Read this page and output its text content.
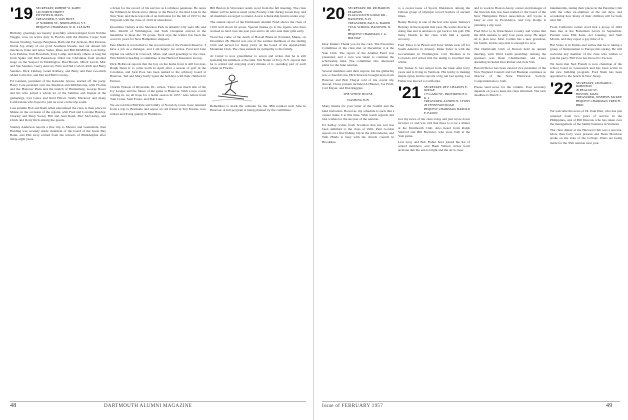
'19 SECRETARY, ROBERT W. KAHN
140 NORTH STREET
PITTSFIELD, MASS.
TREASURER, F. WAY HOYT
47 SUMMER ST., SPRINGFIELD, VT.
BEQUEST CHAIRMAN, W. R. CLEAVES

Birthday greetings are hereby gratefully acknowledged from Nobbie Wiggin, now on active duty in Florida with the Marine Corps; both Nossie Nosting, George Berghaus, Ham and Pat Jackson, Hal Parsons, Nobie Joy, many of our good Southern friends, and our annual fall luncheon, Knut and Alice Sutter, Rhea and Bill McMillan, Lou Kirby, Lew Perkins, Tom Bowditch, Tony Lamp, and many others. A long list from Spike and Deb Peekadoop filled our Christmas from another stage on the Seaport in Washington. Bud Brown, Mitch Lewis, Mac and Sue Sanders, Gerry Anscott, Fritz and Del Corlett, Rich and Betty Sanders, Dick Lindsay, Grant Rothery, and Betty and Pete Goodrich added to the list, and Del and Bill Crowley.

Ed Gannett, president of the Kenosha Jaycee, started off the party. Harry Cole presided over the Madison and Middletown, with Florida and the Hanover Plain and the launch of Hattiesburg. George Rowe and his wife joined a whole lot of the families and friends at the gatherings, Lyn Gates and Reid Elliott, Wally Macleod, and many Californians who hoped to join us soon on the trip south.

Last autumn Bob and Ruth Allen entertained the class at their place in Maine on the occasion of the regatta, with Fred and Lorraine Hawley, Charley and Mary Sweet, Bill and Jean Rand, Mac McCauley, and Chick and Dotty Rich among the guests.

Stanley Anderson reports a fine trip to Mexico and Guatemala, Ken Harding was recently made chairman of the board of the Great Bay Bank, and Phil Gray retired from the schools of Philadelphia after thirty-eight years.

a ticket for the record of his service as Lochmore pensions. He notes the Edmund de Klerk and a dinner at the Hotel to the Red Lion in the New Year, and there was talk of an invitation for the fall of 1957 to the Wigwam with the class of 1919 in attendance.

December visitors at the Sheraton Park in Atlantic City were Mr. and Mrs. Merrill of Wilmington, and Tuck Chapman arrived in the meantime to meet the '19 group. Tuck says the winter has been the worst in years for New Hampshire shippers.

Pete Martin is reconciled to the second term of the Federal Reserve. 'I have a job as a manager, and I am happy,' he writes. Fred and Jane Ogden are settled in Concord, Mass. and send greetings to the class. Win Smith is heading a committee of the Hartford Insurance Group.

Dick Holbrook reports that the bay on the home front is still hot-iron. Ralph Dean is to come north in April after a season of golf in the Carolinas, and Jack Poor has been named to the advisory board at Hanover. Ted and Mary Kelly spent the holidays with their children in Denver.

Charlie Watson of Riverside, Ill., writes, 'There was much talk of the Ivy League and the future of the game at Hanover. With a new coach coming in, we all hope for a better season in 1957.' Also letters from Tom Crane, Sam Foster, and Bob Lane.

We are told that Bill Yale and family of Norwich, Conn. have returned from a trip to Bermuda and report an old friend in Ted Fenton, now retired and living quietly in Hamilton.

Bill Burton in Worcester sends word from the fall meeting. The class dinner will be held as usual at the Faculty Club during Green Key, and all members are urged to attend. A new scholarship fund is under way.

The annual report of the Dartmouth Alumni Fund shows the class of 1919 well above its quota. Special thanks go to the agents who have worked so hard over the past year and to all who sent their gifts early.

Word has come of the death of Harold Blake in Portland, Maine, on December 28. Harold was one of the earliest members of the Outing Club and served for many years on the board of the Appalachian Mountain Club. The class extends its sympathy to his family.

Al Cutter is now grandfather to seven and writes that he is still spending his summers at the lake. Jim Nolan of Troy, N.Y. reports that he is retired and enjoying every minute of it, spending part of each winter in Florida.

Remember to mark the calendar for the 38th reunion next June in Hanover. A full program is being planned by the committee.

48	DARTMOUTH ALUMNI MAGAZINE
'20 SECRETARY, DR. RICHARD H. PEARSON
PLAZA SOUTH LODGE RD., HANOVER, N. H.
TREASURER, PAUL G. BAKER
TUCK SCHOOL, HANOVER, N. H.
BEQUEST CHAIRMAN, J. A. HOLWAY

Dear Kinnie: Thank you for the card. The Executive Committee of the class met on December 4 at the Yale Club. The report of the Alumni Fund was presented, and a vote was taken to continue the scholarship fund. The committee also discussed plans for the June reunion.

Several members sent their regrets, but the gathering was a cheerful one. Dick Pearson brought news from Hanover and Bob Thayer told of his recent trip abroad. Those present included Al Barnes, Joe Fitch, Carl Meyer, and Dan Ruggles.

THE WHITE HOUSE

WASHINGTON

Many thanks for your letter of the twelfth and the kind invitation. However, my schedule is such that I cannot make it at this time. With warm regards and best wishes for the success of the reunion.

Ed Kelley writes from Scranton that his son has been admitted to the class of 1961. Paul Gordon reports on a fine fishing trip in the Adirondacks, and Walt Hinds is busy with the church council in Brookline.

to a recent issue of Sports Illustrated, among the famous group of Olympic record holders of ancient times.

Benny Harvey is one of the few who spent Tenney's Holiday in the hospital this year. He writes that he is doing fine and is anxious to get back to his golf. His many friends in the class wish him a speedy recovery.

Fred Tabor is in Brazil and Tony Walsh took off for South America in January. Duke Tabor is with the Government in Washington. Carl Thoman is in Colorado and writes that the skiing is excellent this winter.

Jim Tucker Jr. has retired from the bank after forty years and is living in Vermont. His hobby is making maple syrup and he reports a big run last spring. Les Fisher has moved to California.

'21 SECRETARY, REV. CHARLES E. DODGE
175 GANO ST., PROVIDENCE 6, R. I.
TREASURER, ALFRED N. LYONS
28 TENNYSON ROAD
BEQUEST CHAIRMAN, HAROLD E. EATON

Got my news of the class today and just wrote down October 11 and was told that there is to be a dinner at the Dartmouth Club. Also heard from Ralph Sanford and Bill Brewster, who were both at the Yale game.

Lew Gray and Bob Fisher have joined the list of retired members, and Hank Wilson writes from Arizona that the sun is bright and the air is clear.

and to work in Boston Avery, owner and manager of the Newark Inn, has been named to the board of the New Hampshire Hotel Association. Alf Lyons is busy as ever in Providence, and Cap Dodge is planning a trip west.

Fred Prior is in Westchester County and writes that the 40th reunion is only four years away. He urges all to plan now. Mort Collins has a new grandson, his fourth, and he says that is enough for now.

The Dartmouth Club of Detroit held its annual meeting, with Ward Lamb presiding. Among the speakers was Dean Chamberlain, and 21ers attending included Don Parker and Jack Vail.

Harold Pierce has been elected vice president of the New England Council and Gil Brennan continues as director of the State Historical Society. Congratulations to both.

Please send news for the column. Your secretary depends on you to keep the class informed. The next deadline is March 1.

innumerable, taking their places in the Paradise Club with the other ex-alumnae of the old days, and wondering how many of their children will be back next fall.

From California comes word that a group of 1922 men met at the Bohemian Grove in September. Present were Phil Kent, Art Lansing, and Sam Morris, and they report a gay time of it.

Hal Stone is in Dallas and writes that he is taking a group of businessmen to Europe this spring. He will welcome any member of the class who wishes to join the party. Bill Vose has moved to Tucson.

We learn that Ned French is now chairman of the school board in Greenwich and has been active in the new building program. Fred Nash has been appointed to the bench in New Jersey.

'22 SECRETARY, LEONARD L. ROBINSON
49 BEACON ST.
BOSTON, MASS.
TREASURER, JOSEPH B. MCKEE
BEQUEST CHAIRMAN, FRED H. BIRD

We welcome the news of Dr. Paul Hart, who has just returned from two years of service in the Philippines, and of Bill Duncan, who has taken over the management of the family business in Vermont.

The class dinner at the Harvard Club was a success. More than forty were present and Dean Morrison spoke on the state of the College. Plans are being made for the 35th reunion next year.

Issue of FEBRUARY 1957	49
